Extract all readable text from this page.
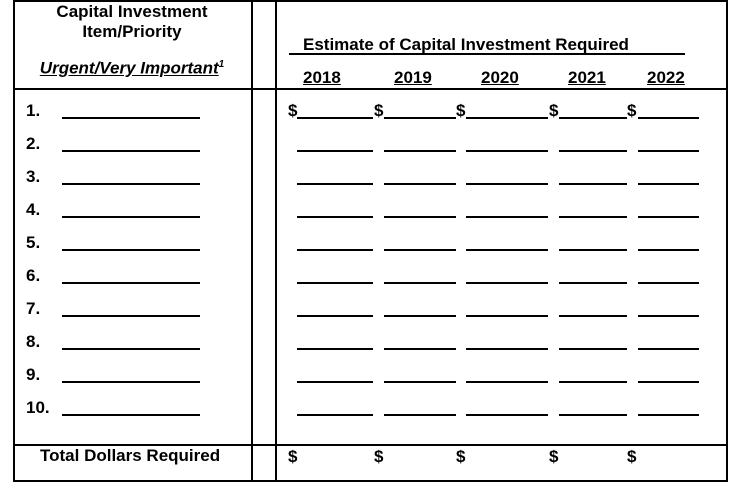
Capital Investment
Item/Priority
Urgent/Very Important$^1$
Estimate of Capital Investment Required
2018	2019	2020	2021 2022
1.	$	$	$	$	$
2.
3.
4.
5.
6.
7.
8.
9.
10.
Total Dollars Required	$	$	$	$	$
